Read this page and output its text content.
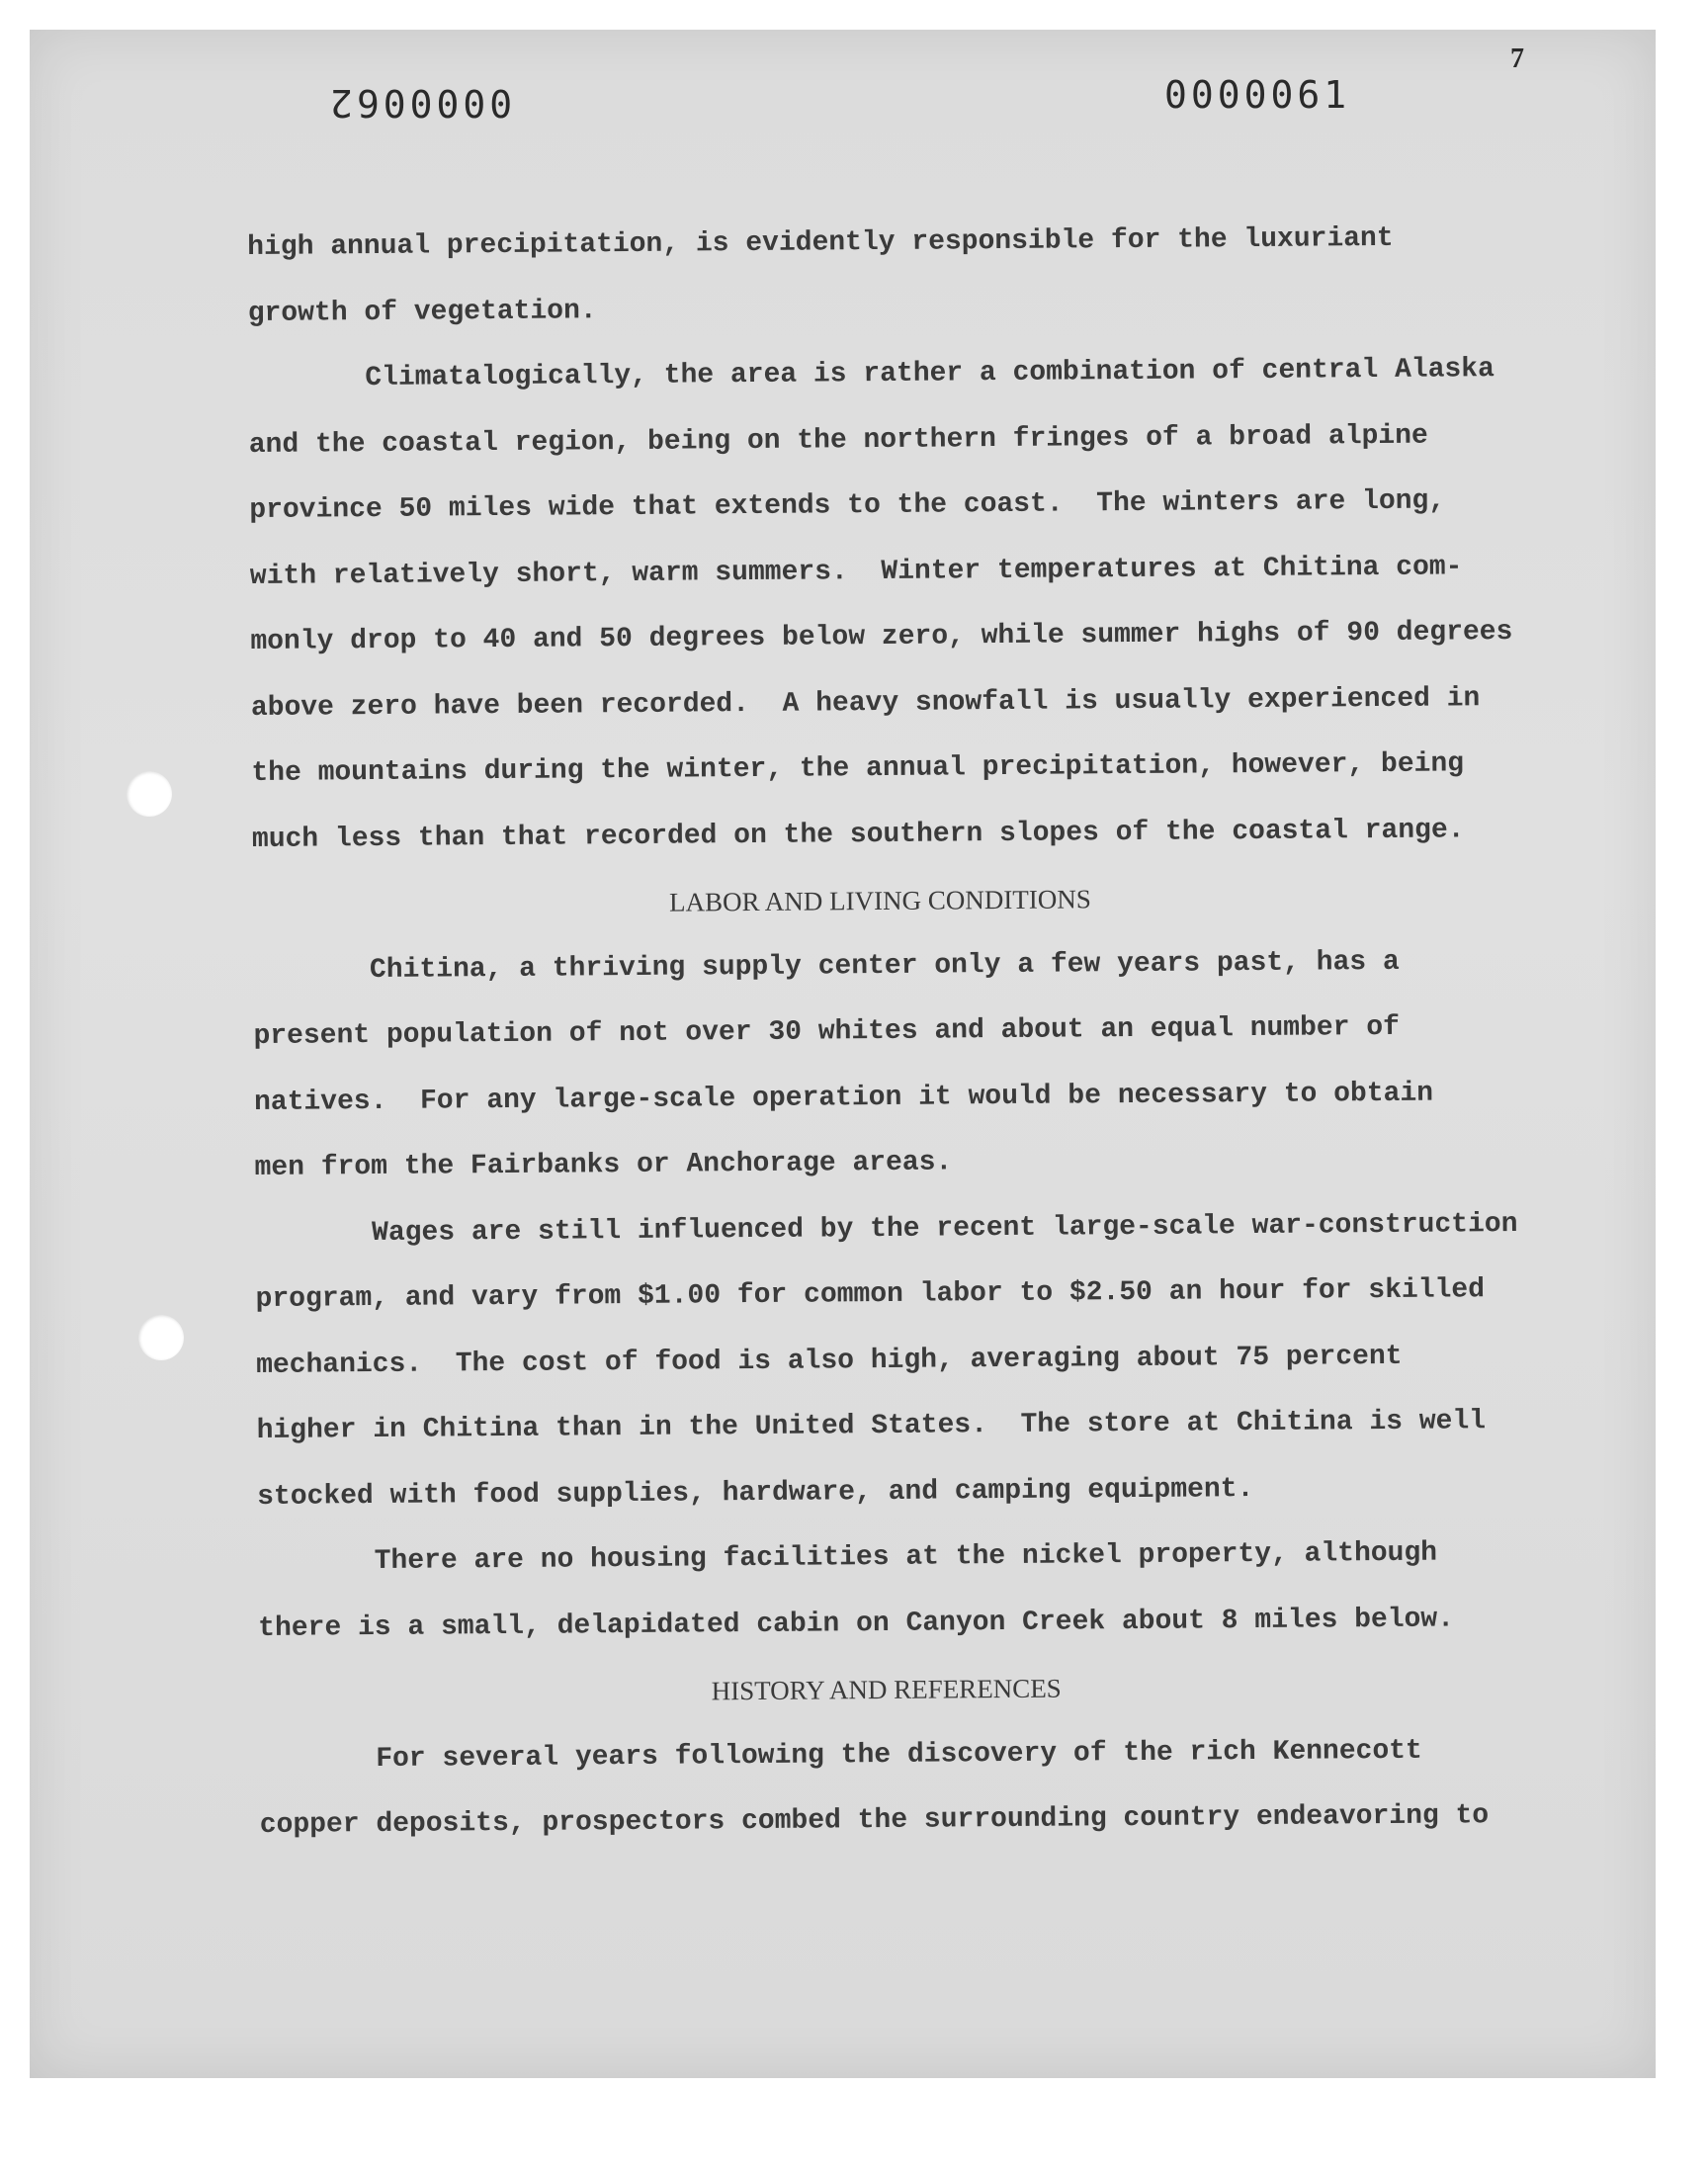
0000062	0000061
7
high annual precipitation, is evidently responsible for the luxuriant
growth of vegetation.
Climatalogically, the area is rather a combination of central Alaska
and the coastal region, being on the northern fringes of a broad alpine
province 50 miles wide that extends to the coast.  The winters are long,
with relatively short, warm summers.  Winter temperatures at Chitina com-
monly drop to 40 and 50 degrees below zero, while summer highs of 90 degrees
above zero have been recorded.  A heavy snowfall is usually experienced in
the mountains during the winter, the annual precipitation, however, being
much less than that recorded on the southern slopes of the coastal range.
LABOR AND LIVING CONDITIONS
Chitina, a thriving supply center only a few years past, has a
present population of not over 30 whites and about an equal number of
natives.  For any large-scale operation it would be necessary to obtain
men from the Fairbanks or Anchorage areas.
Wages are still influenced by the recent large-scale war-construction
program, and vary from $1.00 for common labor to $2.50 an hour for skilled
mechanics.  The cost of food is also high, averaging about 75 percent
higher in Chitina than in the United States.  The store at Chitina is well
stocked with food supplies, hardware, and camping equipment.
There are no housing facilities at the nickel property, although
there is a small, delapidated cabin on Canyon Creek about 8 miles below.
HISTORY AND REFERENCES
For several years following the discovery of the rich Kennecott
copper deposits, prospectors combed the surrounding country endeavoring to
